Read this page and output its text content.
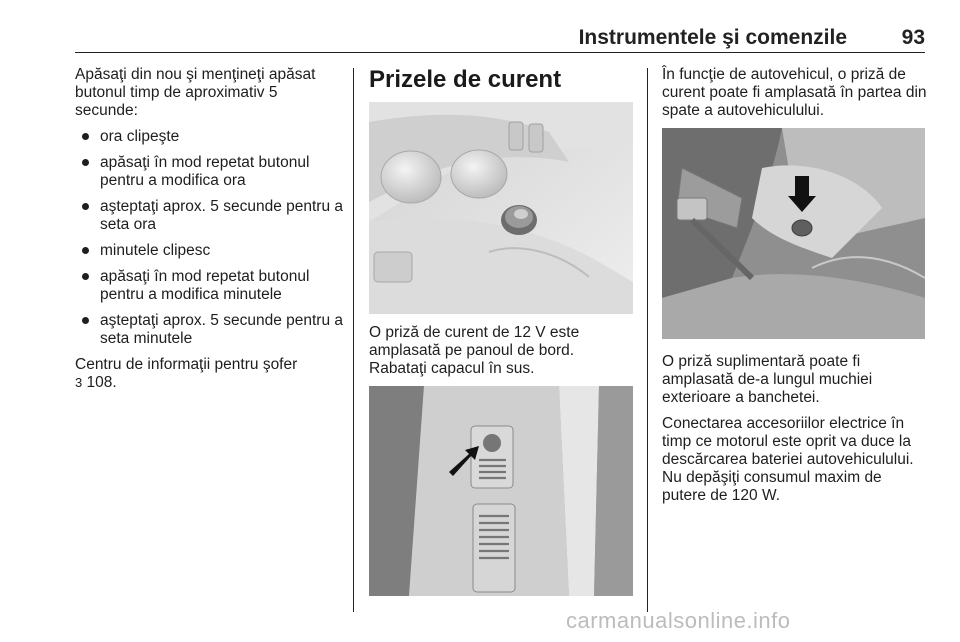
Instrumentele şi comenzile	93

Apăsaţi din nou şi menţineţi apăsat butonul timp de aproximativ 5 secunde:

ora clipeşte
apăsaţi în mod repetat butonul pentru a modifica ora
aşteptaţi aprox. 5 secunde pentru a seta ora
minutele clipesc
apăsaţi în mod repetat butonul pentru a modifica minutele
aşteptaţi aprox. 5 secunde pentru a seta minutele

Centru de informaţii pentru şofer
3 108.

Prizele de curent

O priză de curent de 12 V este amplasată pe panoul de bord. Rabataţi capacul în sus.

În funcţie de autovehicul, o priză de curent poate fi amplasată în partea din spate a autovehiculului.

O priză suplimentară poate fi amplasată de-a lungul muchiei exterioare a banchetei.

Conectarea accesoriilor electrice în timp ce motorul este oprit va duce la descărcarea bateriei autovehiculului. Nu depăşiţi consumul maxim de putere de 120 W.

carmanualsonline.info
